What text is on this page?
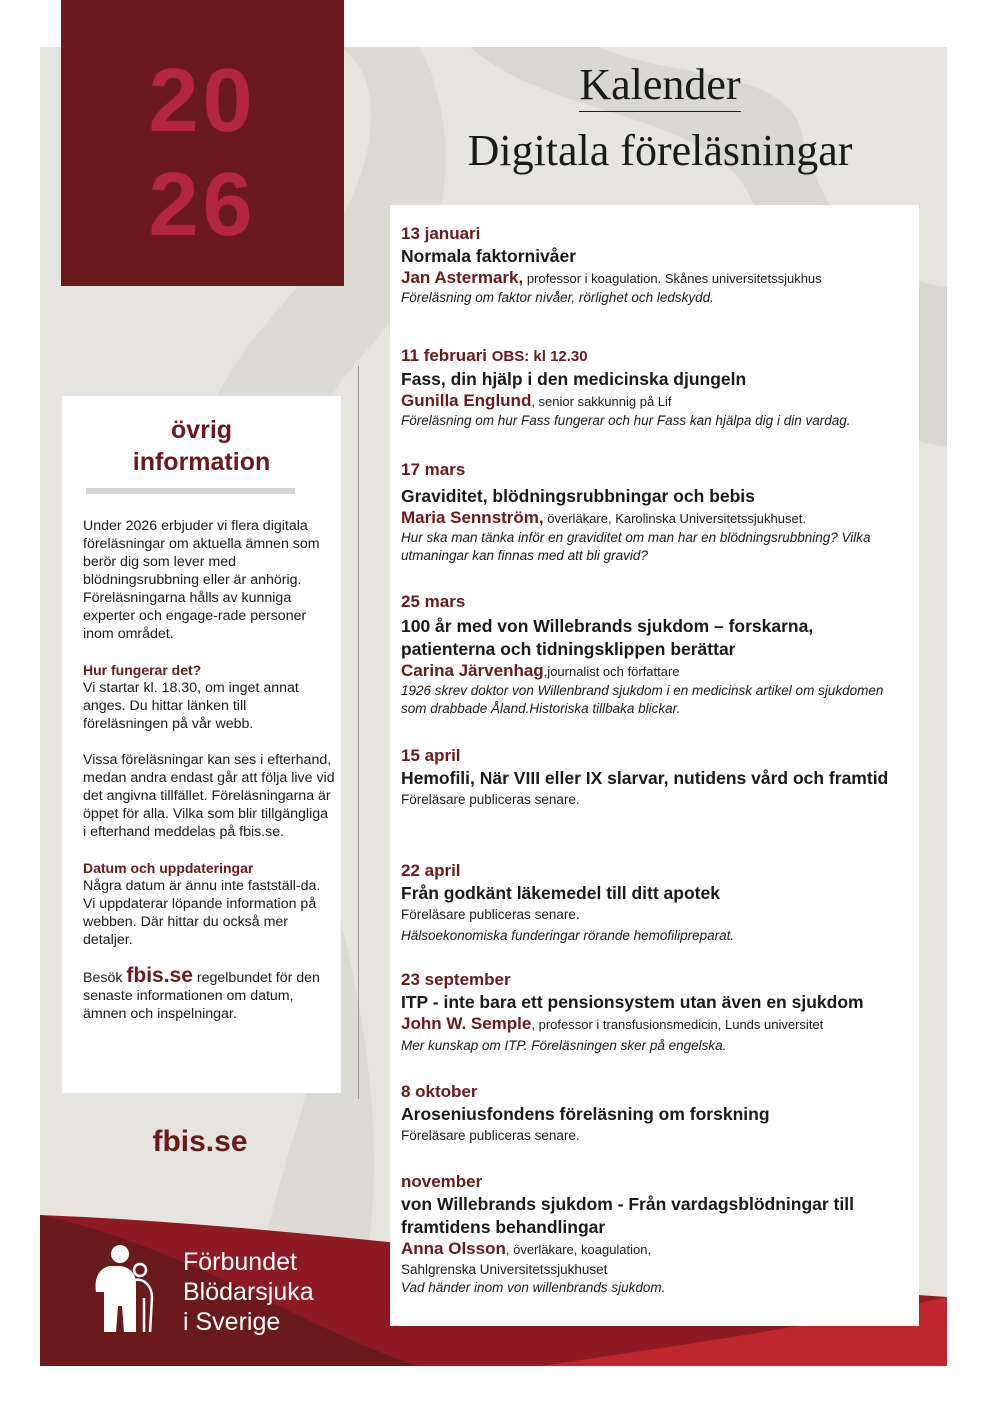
20
26
Kalender
Digitala föreläsningar
övrig
information

Under 2026 erbjuder vi flera digitala föreläsningar om aktuella ämnen som berör dig som lever med blödningsrubbning eller är anhörig. Föreläsningarna hålls av kunniga experter och engage-rade personer inom området.

Hur fungerar det?

Vi startar kl. 18.30, om inget annat anges. Du hittar länken till föreläsningen på vår webb.

Vissa föreläsningar kan ses i efterhand, medan andra endast går att följa live vid det angivna tillfället. Föreläsningarna är öppet för alla. Vilka som blir tillgängliga i efterhand meddelas på fbis.se.

Datum och uppdateringar

Några datum är ännu inte fastställ-da. Vi uppdaterar löpande information på webben. Där hittar du också mer detaljer.

Besök fbis.se regelbundet för den senaste informationen om datum, ämnen och inspelningar.

fbis.se
Förbundet
Blödarsjuka
i Sverige
13 januari
Normala faktornivåer
Jan Astermark, professor i koagulation. Skånes universitetssjukhus
Föreläsning om faktor nivåer, rörlighet och ledskydd.
11 februari OBS: kl 12.30
Fass, din hjälp i den medicinska djungeln
Gunilla Englund, senior sakkunnig på Lif
Föreläsning om hur Fass fungerar och hur Fass kan hjälpa dig i din vardag.
17 mars
Graviditet, blödningsrubbningar och bebis
Maria Sennström, överläkare, Karolinska Universitetssjukhuset.
Hur ska man tänka inför en graviditet om man har en blödningsrubbning? Vilka utmaningar kan finnas med att bli gravid?
25 mars
100 år med von Willebrands sjukdom – forskarna, patienterna och tidningsklippen berättar
Carina Järvenhag,journalist och författare
1926 skrev doktor von Willenbrand sjukdom i en medicinsk artikel om sjukdomen som drabbade Åland.Historiska tillbaka blickar.
15 april
Hemofili, När VIII eller IX slarvar, nutidens vård och framtid
Föreläsare publiceras senare.
22 april
Från godkänt läkemedel till ditt apotek
Föreläsare publiceras senare.
Hälsoekonomiska funderingar rörande hemofilipreparat.
23 september
ITP - inte bara ett pensionsystem utan även en sjukdom
John W. Semple, professor i transfusionsmedicin, Lunds universitet
Mer kunskap om ITP. Föreläsningen sker på engelska.
8 oktober
Aroseniusfondens föreläsning om forskning
Föreläsare publiceras senare.
november
von Willebrands sjukdom - Från vardagsblödningar till framtidens behandlingar
Anna Olsson, överläkare, koagulation,
Sahlgrenska Universitetssjukhuset
Vad händer inom von willenbrands sjukdom.
